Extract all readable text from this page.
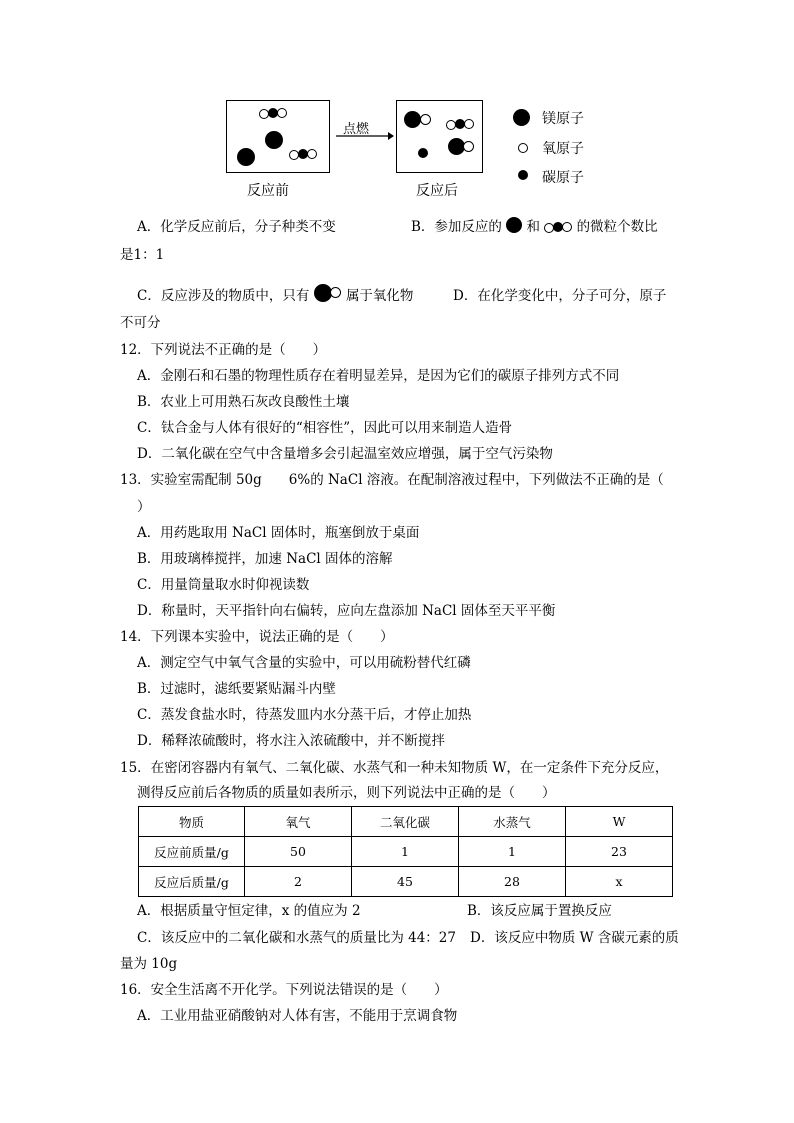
反应前
点燃
反应后
镁原子
氧原子
碳原子
A．化学反应前后，分子种类不变	B．参加反应的 和	的微粒个数比
是1：1
C．反应涉及的物质中，只有	属于氧化物	D．在化学变化中，分子可分，原子
不可分
12．下列说法不正确的是（　　）
A．金刚石和石墨的物理性质存在着明显差异，是因为它们的碳原子排列方式不同
B．农业上可用熟石灰改良酸性土壤
C．钛合金与人体有很好的“相容性”，因此可以用来制造人造骨
D．二氧化碳在空气中含量增多会引起温室效应增强，属于空气污染物
13．实验室需配制 50g　　6%的 NaCl 溶液。在配制溶液过程中，下列做法不正确的是（
）
A．用药匙取用 NaCl 固体时，瓶塞倒放于桌面
B．用玻璃棒搅拌，加速 NaCl 固体的溶解
C．用量筒量取水时仰视读数
D．称量时，天平指针向右偏转，应向左盘添加 NaCl 固体至天平平衡
14．下列课本实验中，说法正确的是（　　）
A．测定空气中氧气含量的实验中，可以用硫粉替代红磷
B．过滤时，滤纸要紧贴漏斗内壁
C．蒸发食盐水时，待蒸发皿内水分蒸干后，才停止加热
D．稀释浓硫酸时，将水注入浓硫酸中，并不断搅拌
15．在密闭容器内有氧气、二氧化碳、水蒸气和一种未知物质 W，在一定条件下充分反应，
测得反应前后各物质的质量如表所示，则下列说法中正确的是（　　）
物质	氧气	二氧化碳	水蒸气	W
反应前质量/g	50	1	1	23
反应后质量/g	2	45	28	x
A．根据质量守恒定律，x 的值应为 2	B．该反应属于置换反应
C．该反应中的二氧化碳和水蒸气的质量比为 44：27 D．该反应中物质 W 含碳元素的质
量为 10g
16．安全生活离不开化学。下列说法错误的是（　　）
A．工业用盐亚硝酸钠对人体有害，不能用于烹调食物
